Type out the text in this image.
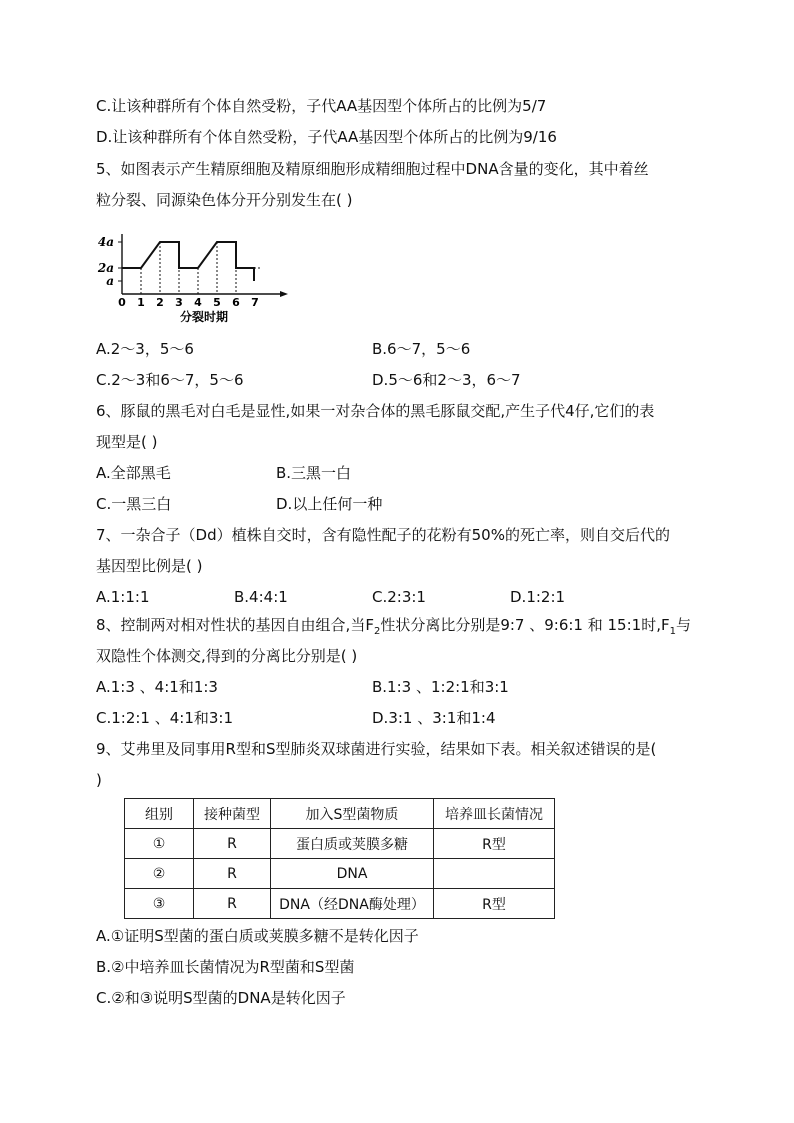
C.让该种群所有个体自然受粉，子代AA基因型个体所占的比例为5/7
D.让该种群所有个体自然受粉，子代AA基因型个体所占的比例为9/16
5、如图表示产生精原细胞及精原细胞形成精细胞过程中DNA含量的变化，其中着丝
粒分裂、同源染色体分开分别发生在( )
4a
2a
a
0 1 2 3 4 5 6 7
分裂时期
A.2～3，5～6	B.6～7，5～6
C.2～3和6～7，5～6	D.5～6和2～3，6～7
6、豚鼠的黑毛对白毛是显性,如果一对杂合体的黑毛豚鼠交配,产生子代4仔,它们的表
现型是( )
A.全部黑毛	B.三黑一白
C.一黑三白	D.以上任何一种
7、一杂合子（Dd）植株自交时，含有隐性配子的花粉有50%的死亡率，则自交后代的
基因型比例是( )
A.1:1:1	B.4:4:1	C.2:3:1	D.1:2:1
8、控制两对相对性状的基因自由组合,当$F_2$性状分离比分别是9:7 、9:6:1 和 15:1时$,F_1$与
双隐性个体测交,得到的分离比分别是( )
A.1:3 、4:1和1:3	B.1:3 、1:2:1和3:1
C.1:2:1 、4:1和3:1	D.3:1 、3:1和1:4
9、艾弗里及同事用R型和S型肺炎双球菌进行实验，结果如下表。相关叙述错误的是(
)
组别	接种菌型	加入S型菌物质	培养皿长菌情况
①	R	蛋白质或荚膜多糖	R型
②	R	DNA	
③	R	DNA（经DNA酶处理）	R型
A.①证明S型菌的蛋白质或荚膜多糖不是转化因子
B.②中培养皿长菌情况为R型菌和S型菌
C.②和③说明S型菌的DNA是转化因子
